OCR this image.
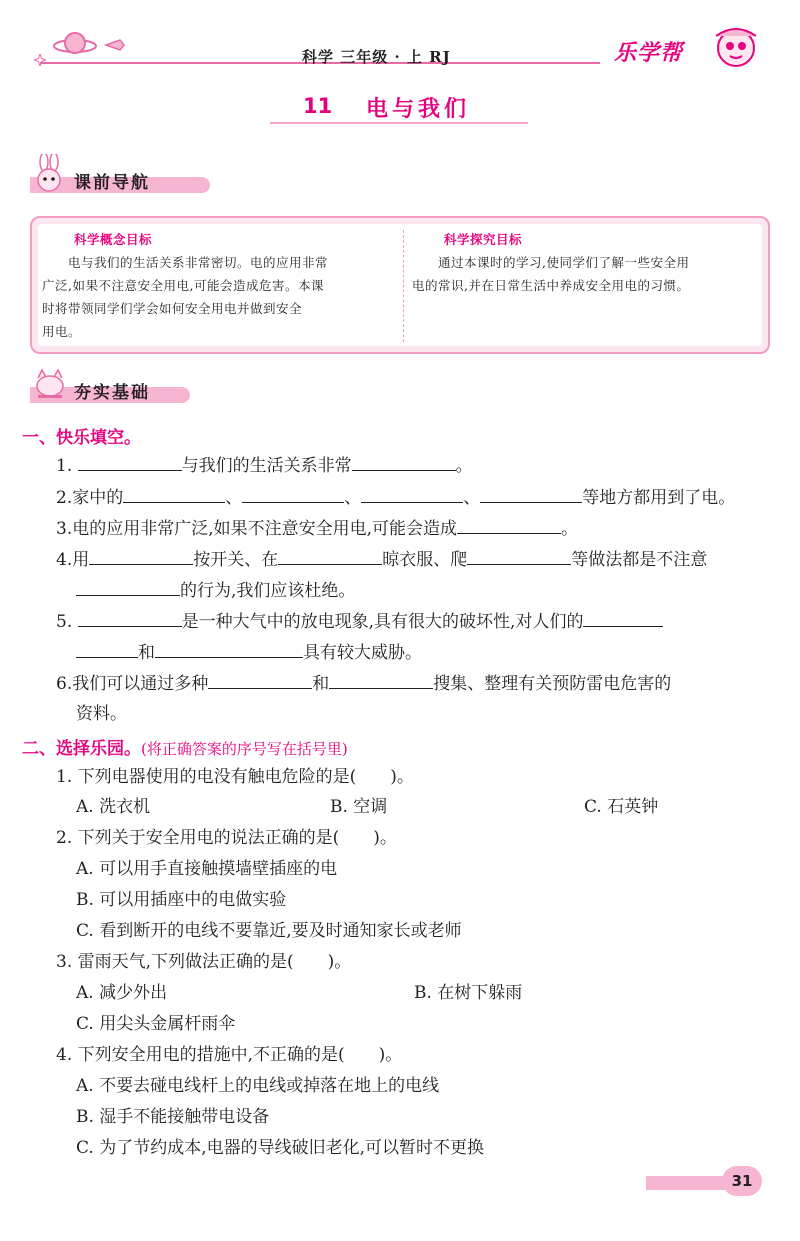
科学 三年级 · 上 RJ	乐学帮
11 电与我们
课前导航
科学概念目标
　　电与我们的生活关系非常密切。电的应用非常
广泛,如果不注意安全用电,可能会造成危害。本课
时将带领同学们学会如何安全用电并做到安全
用电。
科学探究目标
　　通过本课时的学习,使同学们了解一些安全用
电的常识,并在日常生活中养成安全用电的习惯。
夯实基础
一、快乐填空。
1.	与我们的生活关系非常	。
2.家中的	、	、	、	等地方都用到了电。
3.电的应用非常广泛,如果不注意安全用电,可能会造成	。
4.用	按开关、在	晾衣服、爬	等做法都是不注意
的行为,我们应该杜绝。
5.	是一种大气中的放电现象,具有很大的破坏性,对人们的
和	具有较大威胁。
6.我们可以通过多种	和	搜集、整理有关预防雷电危害的
资料。
二、选择乐园。(将正确答案的序号写在括号里)
1. 下列电器使用的电没有触电危险的是(　　)。
A. 洗衣机	B. 空调	C. 石英钟
2. 下列关于安全用电的说法正确的是(　　)。
A. 可以用手直接触摸墙壁插座的电
B. 可以用插座中的电做实验
C. 看到断开的电线不要靠近,要及时通知家长或老师
3. 雷雨天气,下列做法正确的是(　　)。
A. 减少外出	B. 在树下躲雨
C. 用尖头金属杆雨伞
4. 下列安全用电的措施中,不正确的是(　　)。
A. 不要去碰电线杆上的电线或掉落在地上的电线
B. 湿手不能接触带电设备
C. 为了节约成本,电器的导线破旧老化,可以暂时不更换
31
